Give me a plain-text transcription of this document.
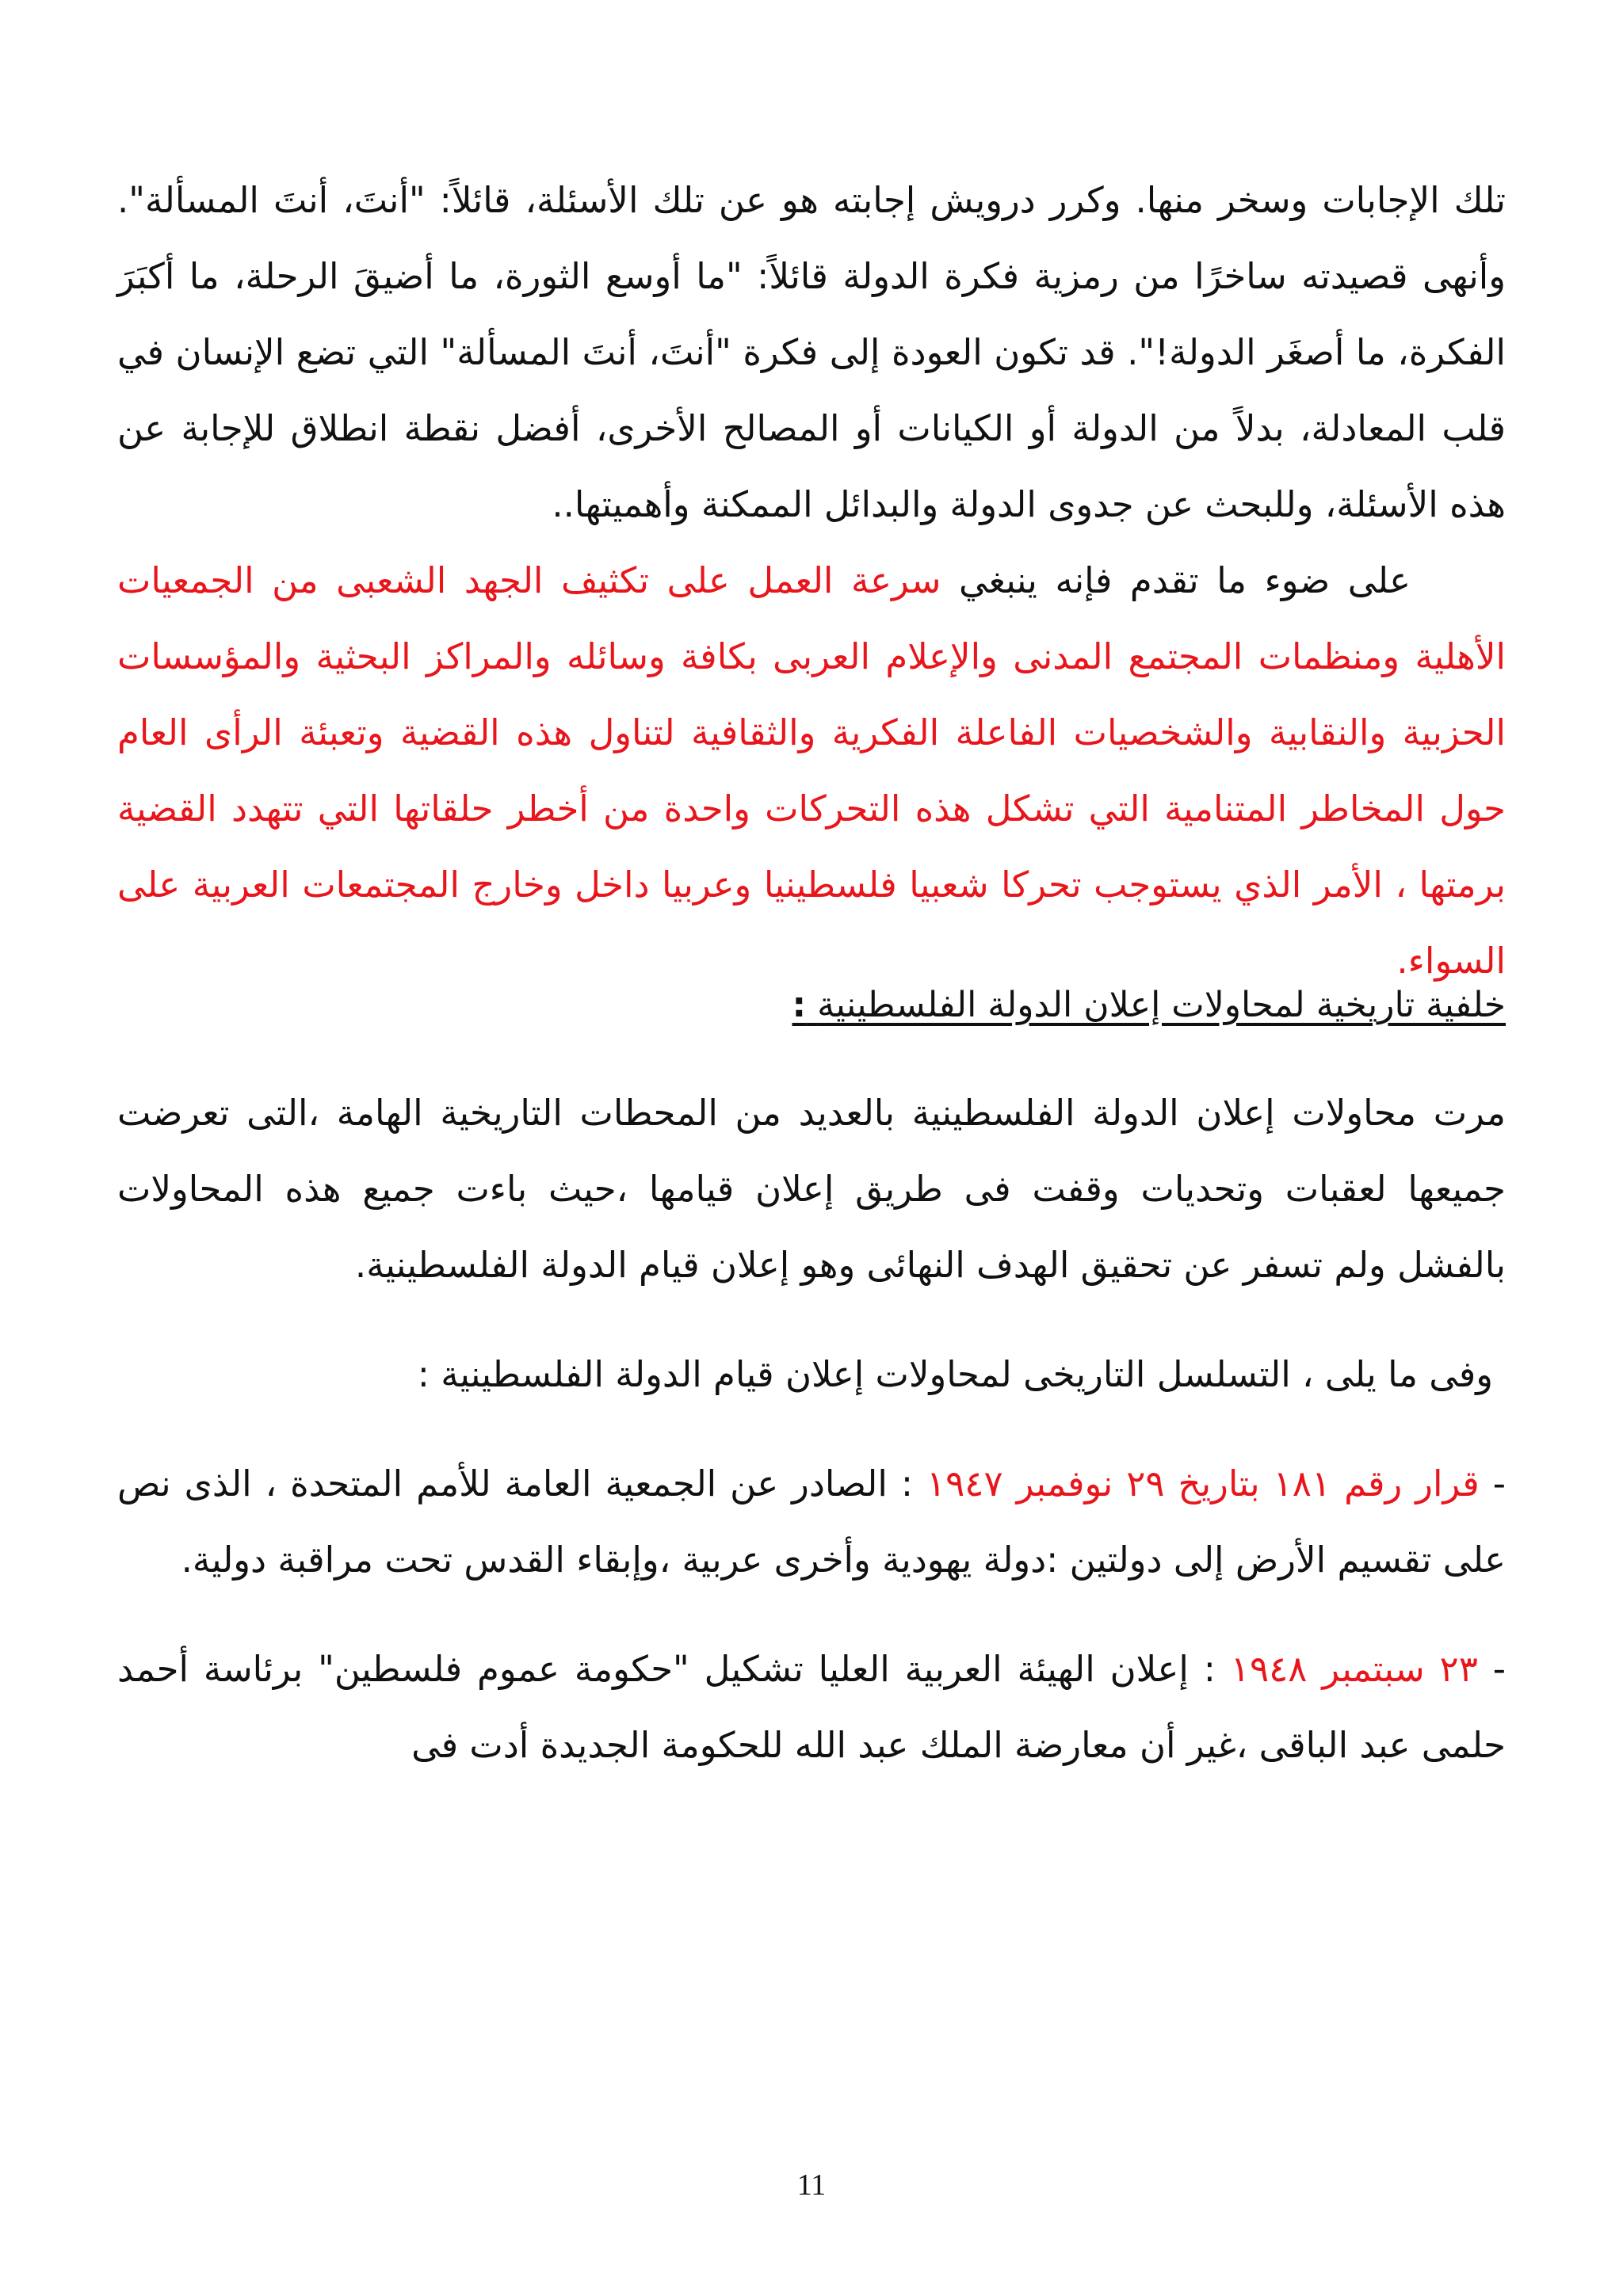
تلك الإجابات وسخر منها. وكرر درويش إجابته هو عن تلك الأسئلة، قائلاً: "أنتَ، أنتَ المسألة". وأنهى قصيدته ساخرًا من رمزية فكرة الدولة قائلاً: "ما أوسع الثورة، ما أضيقَ الرحلة، ما أكبَرَ الفكرة، ما أصغَر الدولة!". قد تكون العودة إلى فكرة "أنتَ، أنتَ المسألة" التي تضع الإنسان في قلب المعادلة، بدلاً من الدولة أو الكيانات أو المصالح الأخرى، أفضل نقطة انطلاق للإجابة عن هذه الأسئلة، وللبحث عن جدوى الدولة والبدائل الممكنة وأهميتها..

على ضوء ما تقدم فإنه ينبغي سرعة العمل على تكثيف الجهد الشعبى من الجمعيات الأهلية ومنظمات المجتمع المدنى والإعلام العربى بكافة وسائله والمراكز البحثية والمؤسسات الحزبية والنقابية والشخصيات الفاعلة الفكرية والثقافية لتناول هذه القضية وتعبئة الرأى العام حول المخاطر المتنامية التي تشكل هذه التحركات واحدة من أخطر حلقاتها التي تتهدد القضية برمتها ، الأمر الذي يستوجب تحركا شعبيا فلسطينيا وعربيا داخل وخارج المجتمعات العربية على السواء.

خلفية تاريخية لمحاولات إعلان الدولة الفلسطينية :

مرت محاولات إعلان الدولة الفلسطينية بالعديد من المحطات التاريخية الهامة ،التى تعرضت جميعها لعقبات وتحديات وقفت فى طريق إعلان قيامها ،حيث باءت جميع هذه المحاولات بالفشل ولم تسفر عن تحقيق الهدف النهائى وهو إعلان قيام الدولة الفلسطينية.

وفى ما يلى ، التسلسل التاريخى لمحاولات إعلان قيام الدولة الفلسطينية :

- قرار رقم ١٨١ بتاريخ ٢٩ نوفمبر ١٩٤٧ : الصادر عن الجمعية العامة للأمم المتحدة ، الذى نص على تقسيم الأرض إلى دولتين :دولة يهودية وأخرى عربية ،وإبقاء القدس تحت مراقبة دولية.

- ٢٣ سبتمبر ١٩٤٨ : إعلان الهيئة العربية العليا تشكيل "حكومة عموم فلسطين" برئاسة أحمد حلمى عبد الباقى ،غير أن معارضة الملك عبد الله للحكومة الجديدة أدت فى

11
